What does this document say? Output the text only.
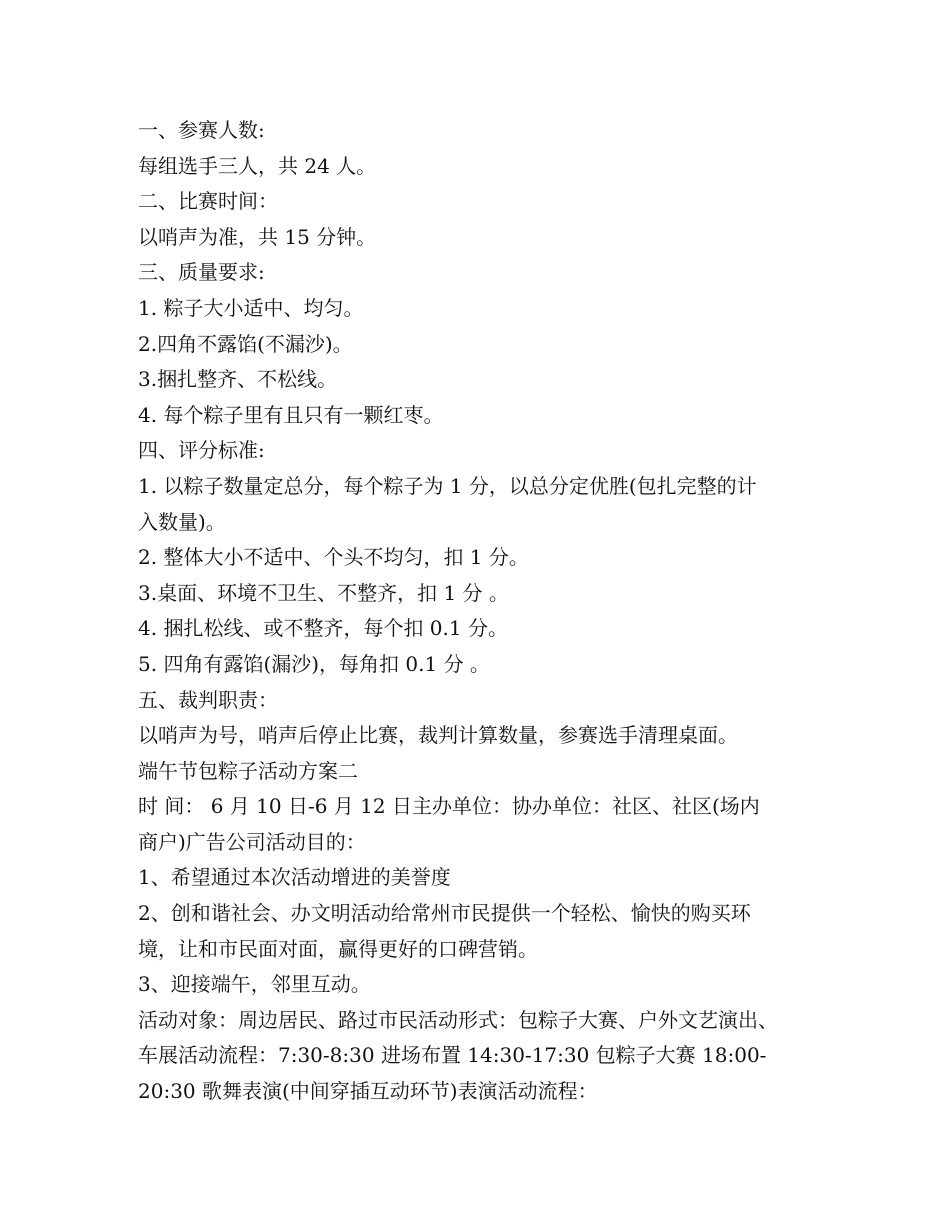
一、参赛人数:
每组选手三人，共 24 人。
二、比赛时间：
以哨声为准，共 15 分钟。
三、质量要求:
1. 粽子大小适中、均匀。
2.四角不露馅(不漏沙)。
3.捆扎整齐、不松线。
4. 每个粽子里有且只有一颗红枣。
四、评分标准:
1. 以粽子数量定总分，每个粽子为 1 分，以总分定优胜(包扎完整的计
入数量)。
2. 整体大小不适中、个头不均匀，扣 1 分。
3.桌面、环境不卫生、不整齐，扣 1 分 。
4. 捆扎松线、或不整齐，每个扣 0.1 分。
5. 四角有露馅(漏沙)，每角扣 0.1 分 。
五、裁判职责：
以哨声为号，哨声后停止比赛，裁判计算数量，参赛选手清理桌面。
端午节包粽子活动方案二
时 间： 6 月 10 日-6 月 12 日主办单位：协办单位：社区、社区(场内
商户)广告公司活动目的：
1、希望通过本次活动增进的美誉度
2、创和谐社会、办文明活动给常州市民提供一个轻松、愉快的购买环
境，让和市民面对面，赢得更好的口碑营销。
3、迎接端午，邻里互动。
活动对象：周边居民、路过市民活动形式：包粽子大赛、户外文艺演出、
车展活动流程：7:30-8:30 进场布置 14:30-17:30 包粽子大赛 18:00-
20:30 歌舞表演(中间穿插互动环节)表演活动流程：
